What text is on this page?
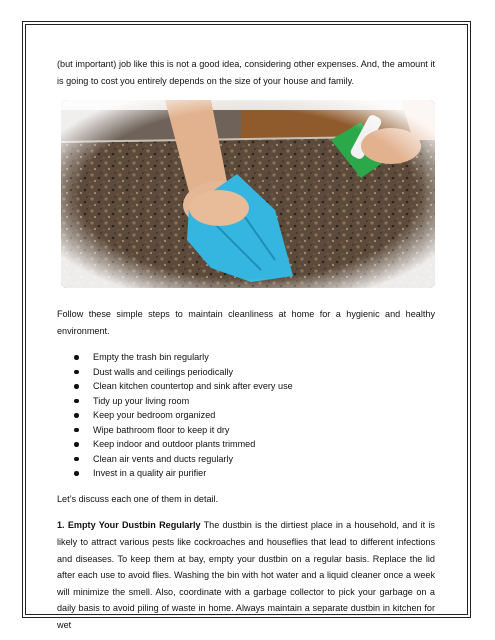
(but important) job like this is not a good idea, considering other expenses. And, the amount it is going to cost you entirely depends on the size of your house and family.

Follow these simple steps to maintain cleanliness at home for a hygienic and healthy environment.

Empty the trash bin regularly
Dust walls and ceilings periodically
Clean kitchen countertop and sink after every use
Tidy up your living room
Keep your bedroom organized
Wipe bathroom floor to keep it dry
Keep indoor and outdoor plants trimmed
Clean air vents and ducts regularly
Invest in a quality air purifier

Let’s discuss each one of them in detail.

1. Empty Your Dustbin Regularly The dustbin is the dirtiest place in a household, and it is likely to attract various pests like cockroaches and houseflies that lead to different infections and diseases. To keep them at bay, empty your dustbin on a regular basis. Replace the lid after each use to avoid flies. Washing the bin with hot water and a liquid cleaner once a week will minimize the smell. Also, coordinate with a garbage collector to pick your garbage on a daily basis to avoid piling of waste in home. Always maintain a separate dustbin in kitchen for wet
